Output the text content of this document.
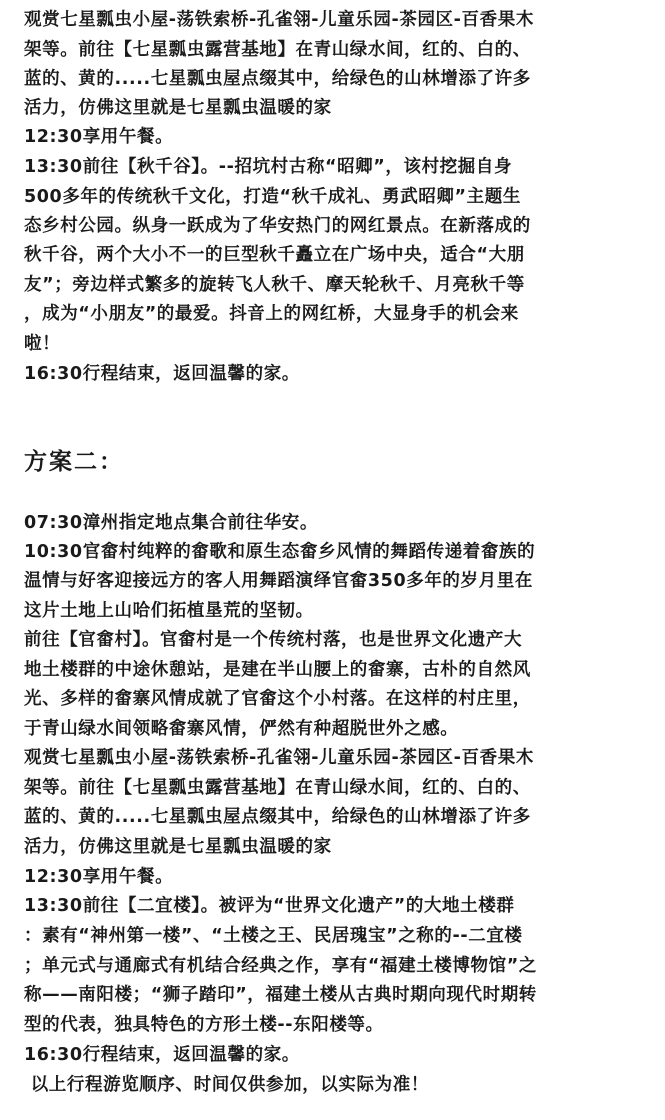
观赏七星瓢虫小屋-荡铁索桥-孔雀翎-儿童乐园-茶园区-百香果木
架等。前往【七星瓢虫露营基地】在青山绿水间，红的、白的、
蓝的、黄的.....七星瓢虫屋点缀其中，给绿色的山林增添了许多
活力，仿佛这里就是七星瓢虫温暖的家
12:30享用午餐。
13:30前往【秋千谷】。--招坑村古称“昭卿”，该村挖掘自身
500多年的传统秋千文化，打造“秋千成礼、勇武昭卿”主题生
态乡村公园。纵身一跃成为了华安热门的网红景点。在新落成的
秋千谷，两个大小不一的巨型秋千矗立在广场中央，适合“大朋
友”；旁边样式繁多的旋转飞人秋千、摩天轮秋千、月亮秋千等
，成为“小朋友”的最爱。抖音上的网红桥，大显身手的机会来
啦！
16:30行程结束，返回温馨的家。
方案二：
07:30漳州指定地点集合前往华安。
10:30官畲村纯粹的畲歌和原生态畲乡风情的舞蹈传递着畲族的
温情与好客迎接远方的客人用舞蹈演绎官畲350多年的岁月里在
这片土地上山哈们拓植垦荒的坚韧。
前往【官畲村】。官畲村是一个传统村落，也是世界文化遗产大
地土楼群的中途休憩站，是建在半山腰上的畲寨，古朴的自然风
光、多样的畲寨风情成就了官畲这个小村落。在这样的村庄里，
于青山绿水间领略畲寨风情，俨然有种超脱世外之感。
观赏七星瓢虫小屋-荡铁索桥-孔雀翎-儿童乐园-茶园区-百香果木
架等。前往【七星瓢虫露营基地】在青山绿水间，红的、白的、
蓝的、黄的.....七星瓢虫屋点缀其中，给绿色的山林增添了许多
活力，仿佛这里就是七星瓢虫温暖的家
12:30享用午餐。
13:30前往【二宜楼】。被评为“世界文化遗产”的大地土楼群
：素有“神州第一楼”、“土楼之王、民居瑰宝”之称的--二宜楼
；单元式与通廊式有机结合经典之作，享有“福建土楼博物馆”之
称——南阳楼；“狮子踏印”，福建土楼从古典时期向现代时期转
型的代表，独具特色的方形土楼--东阳楼等。
16:30行程结束，返回温馨的家。
以上行程游览顺序、时间仅供参加，以实际为准！
